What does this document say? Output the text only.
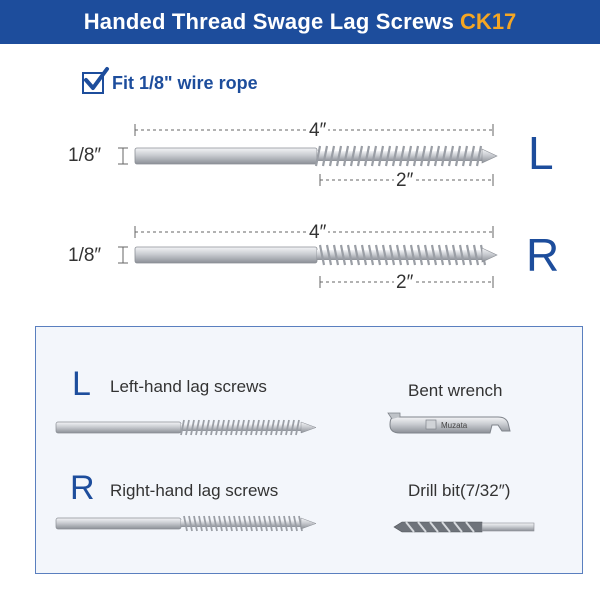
Handed Thread Swage Lag Screws CK17
Fit 1/8" wire rope
4″
1/8″
2″
L
4″
1/8″
2″
R
L Left-hand lag screws
R Right-hand lag screws
Bent wrench
Drill bit(7/32″)
Muzata
